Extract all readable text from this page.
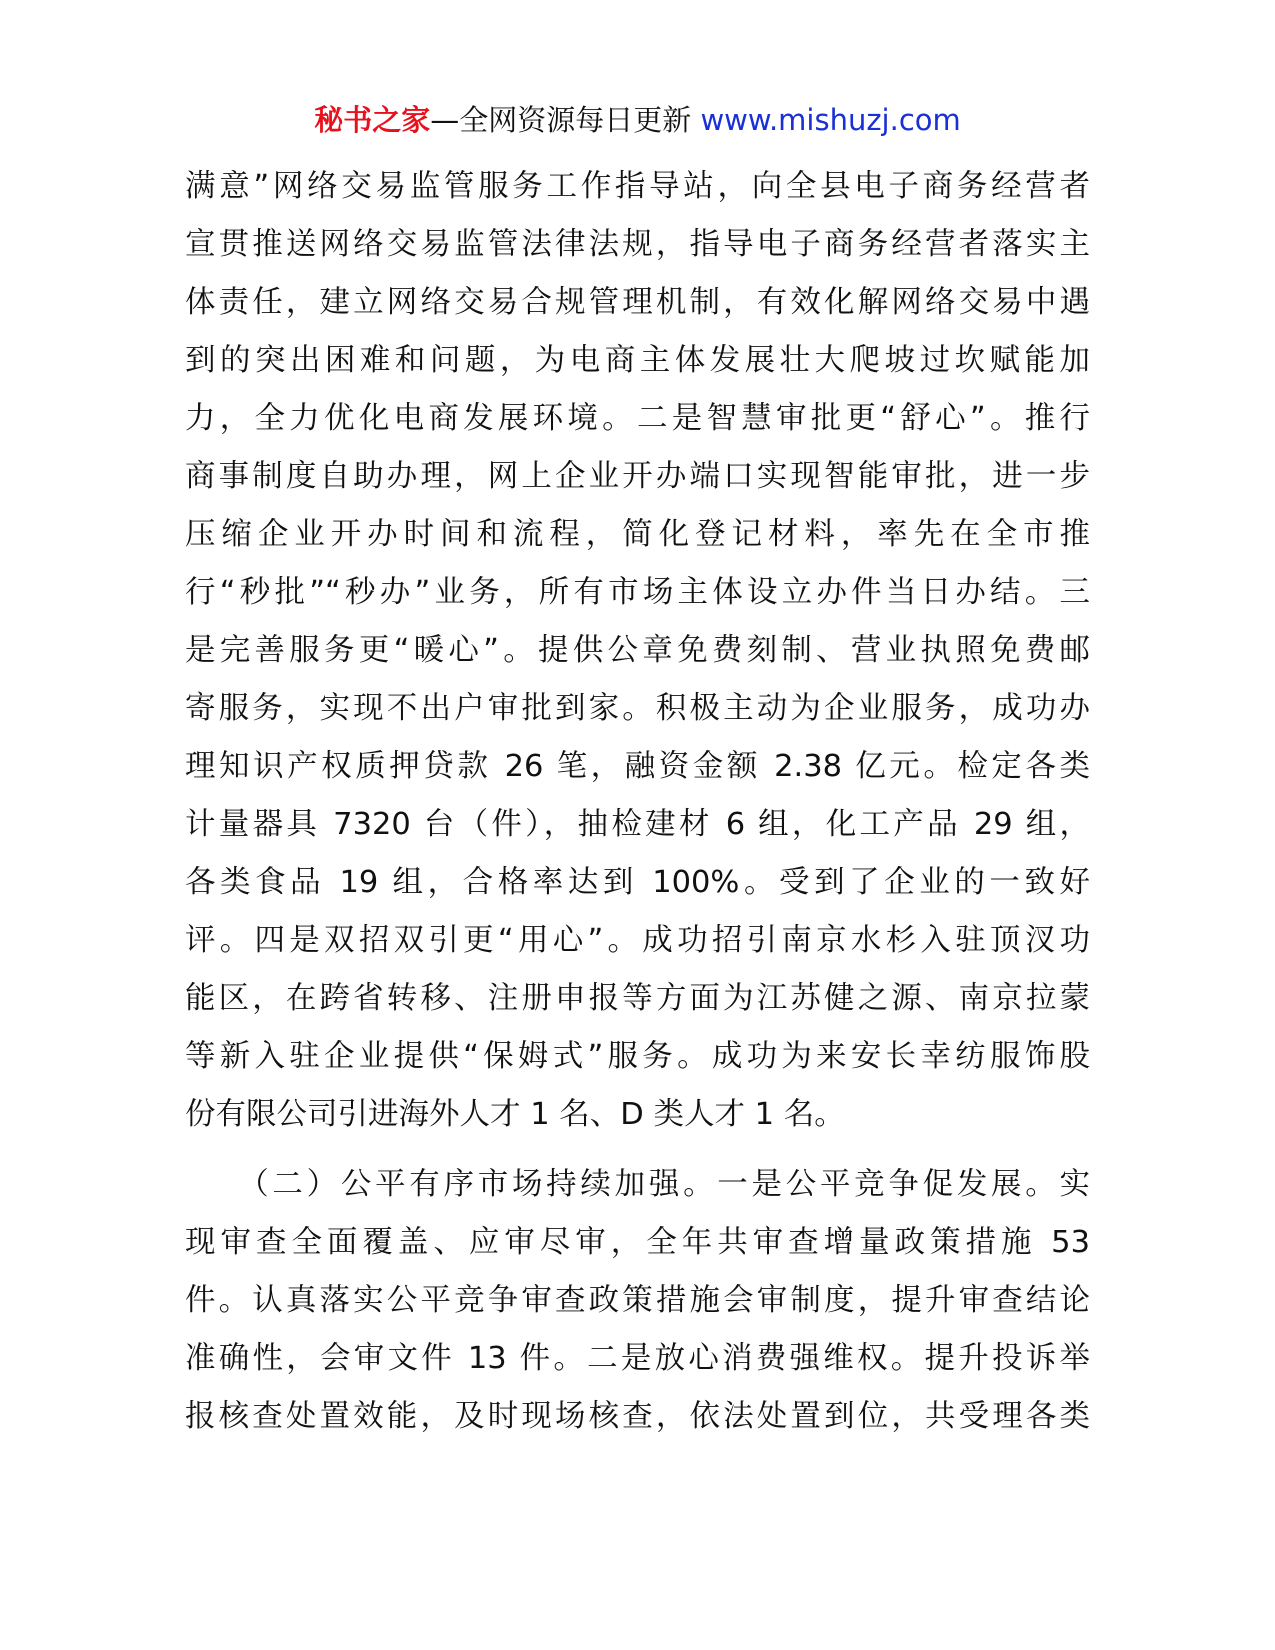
秘书之家—全网资源每日更新 www.mishuzj.com
满意”网络交易监管服务工作指导站，向全县电子商务经营者
宣贯推送网络交易监管法律法规，指导电子商务经营者落实主
体责任，建立网络交易合规管理机制，有效化解网络交易中遇
到的突出困难和问题，为电商主体发展壮大爬坡过坎赋能加
力，全力优化电商发展环境。二是智慧审批更“舒心”。推行
商事制度自助办理，网上企业开办端口实现智能审批，进一步
压缩企业开办时间和流程，简化登记材料，率先在全市推
行“秒批”“秒办”业务，所有市场主体设立办件当日办结。三
是完善服务更“暖心”。提供公章免费刻制、营业执照免费邮
寄服务，实现不出户审批到家。积极主动为企业服务，成功办
理知识产权质押贷款 26 笔，融资金额 2.38 亿元。检定各类
计量器具 7320 台（件），抽检建材 6 组，化工产品 29 组，
各类食品 19 组，合格率达到 100%。受到了企业的一致好
评。四是双招双引更“用心”。成功招引南京水杉入驻顶汊功
能区，在跨省转移、注册申报等方面为江苏健之源、南京拉蒙
等新入驻企业提供“保姆式”服务。成功为来安长幸纺服饰股
份有限公司引进海外人才 1 名、D 类人才 1 名。
　　（二）公平有序市场持续加强。一是公平竞争促发展。实
现审查全面覆盖、应审尽审，全年共审查增量政策措施 53
件。认真落实公平竞争审查政策措施会审制度，提升审查结论
准确性，会审文件 13 件。二是放心消费强维权。提升投诉举
报核查处置效能，及时现场核查，依法处置到位，共受理各类
